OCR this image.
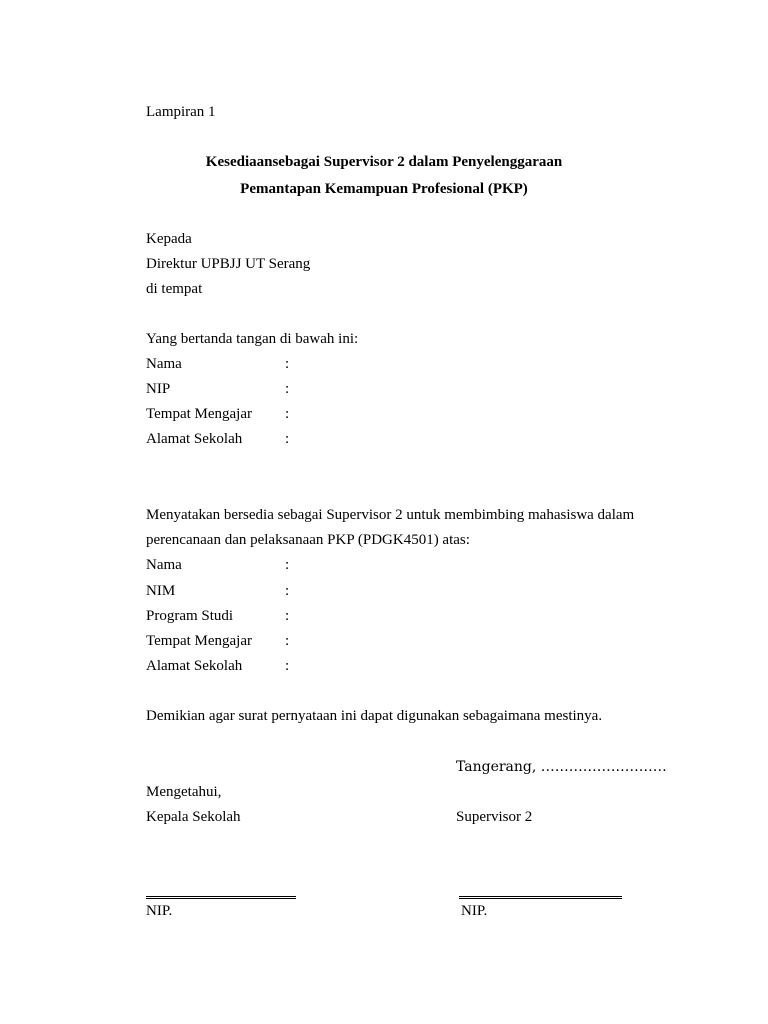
Lampiran 1
Kesediaansebagai Supervisor 2 dalam Penyelenggaraan
Pemantapan Kemampuan Profesional (PKP)
Kepada
Direktur UPBJJ UT Serang
di tempat
Yang bertanda tangan di bawah ini:
Nama	:
NIP	:
Tempat Mengajar :
Alamat Sekolah	:
Menyatakan bersedia sebagai Supervisor 2 untuk membimbing mahasiswa dalam
perencanaan dan pelaksanaan PKP (PDGK4501) atas:
Nama	:
NIM	:
Program Studi	:
Tempat Mengajar :
Alamat Sekolah	:
Demikian agar surat pernyataan ini dapat digunakan sebagaimana mestinya.
Tangerang, ………………………
Mengetahui,
Kepala Sekolah	Supervisor 2
NIP.	NIP.
